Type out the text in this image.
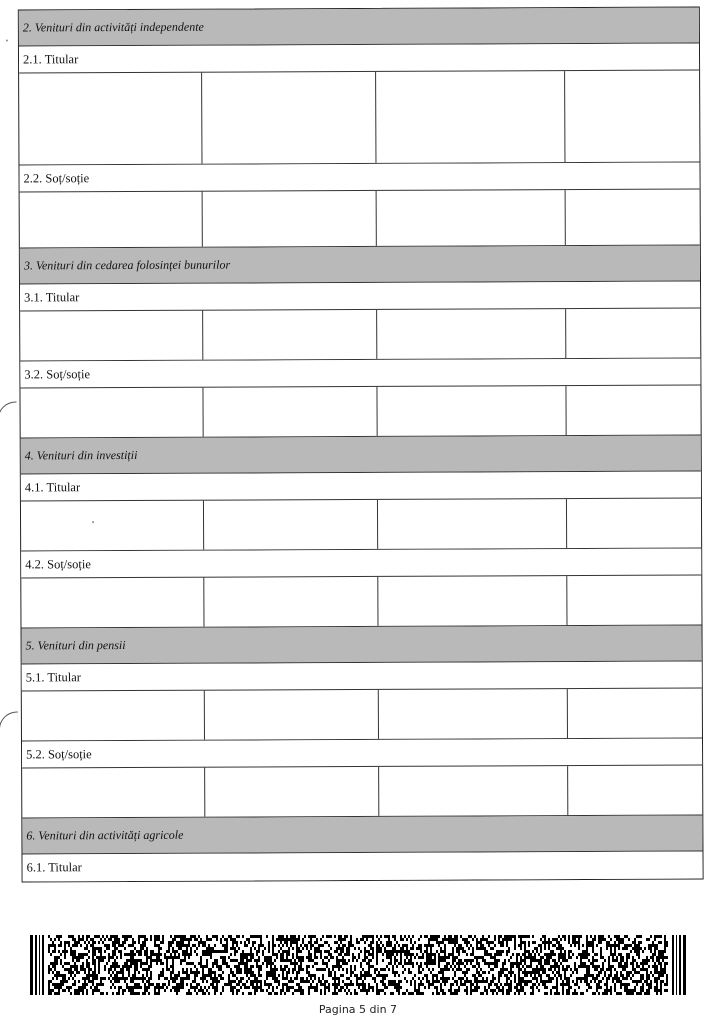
2. Venituri din activități independente
2.1. Titular
2.2. Soț/soție
3. Venituri din cedarea folosinței bunurilor
3.1. Titular
3.2. Soț/soție
4. Venituri din investiții
4.1. Titular
4.2. Soț/soție
5. Venituri din pensii
5.1. Titular
5.2. Soț/soție
6. Venituri din activități agricole
6.1. Titular
Pagina 5 din 7
